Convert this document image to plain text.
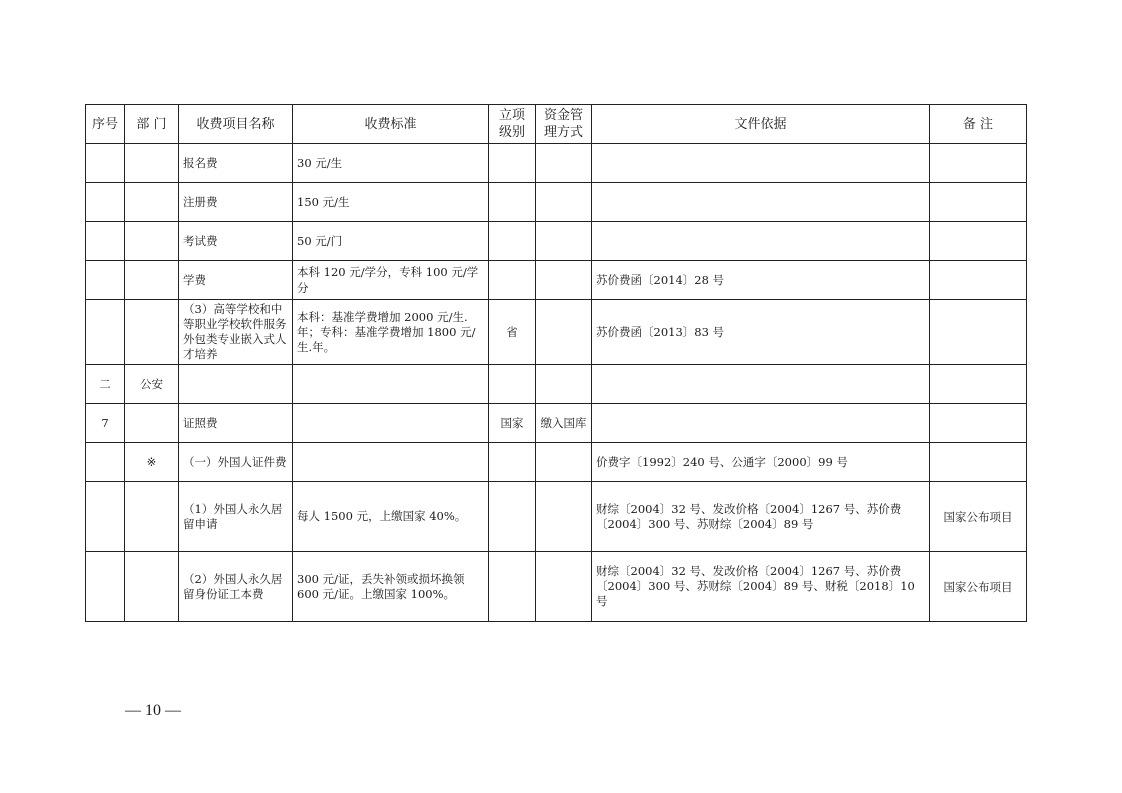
序号	部 门	收费项目名称	收费标准	立项级别	资金管理方式	文件依据	备 注
		报名费	30 元/生				
		注册费	150 元/生				
		考试费	50 元/门				
		学费	本科 120 元/学分，专科 100 元/学分			苏价费函〔2014〕28 号	
		（3）高等学校和中等职业学校软件服务外包类专业嵌入式人才培养	本科：基准学费增加 2000 元/生.年；专科：基准学费增加 1800 元/生.年。	省		苏价费函〔2013〕83 号	
二	公安						
7		证照费		国家	缴入国库		
	※	（一）外国人证件费				价费字〔1992〕240 号、公通字〔2000〕99 号	
		（1）外国人永久居留申请	每人 1500 元，上缴国家 40%。			财综〔2004〕32 号、发改价格〔2004〕1267 号、苏价费〔2004〕300 号、苏财综〔2004〕89 号	国家公布项目
		（2）外国人永久居留身份证工本费	300 元/证，丢失补领或损坏换领 600 元/证。上缴国家 100%。			财综〔2004〕32 号、发改价格〔2004〕1267 号、苏价费〔2004〕300 号、苏财综〔2004〕89 号、财税〔2018〕10 号	国家公布项目
— 10 —
